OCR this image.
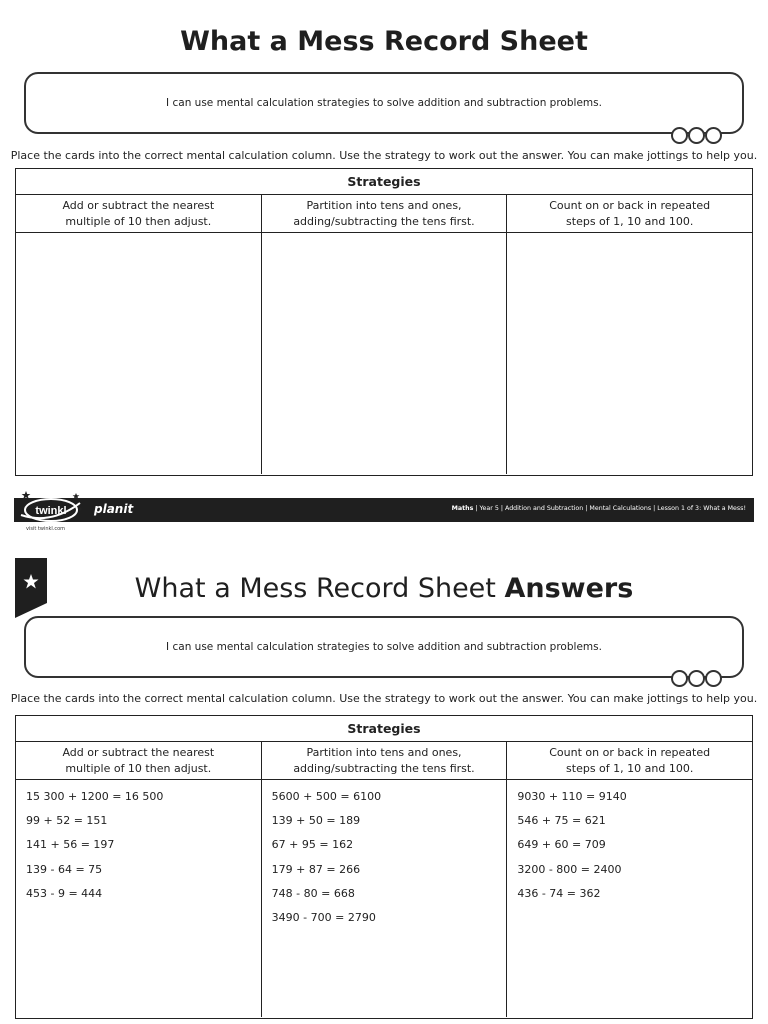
What a Mess Record Sheet
I can use mental calculation strategies to solve addition and subtraction problems.
Place the cards into the correct mental calculation column. Use the strategy to work out the answer. You can make jottings to help you.
Strategies
Add or subtract the nearest multiple of 10 then adjust.
Partition into tens and ones, adding/subtracting the tens first.
Count on or back in repeated steps of 1, 10 and 100.
planit	Maths | Year 5 | Addition and Subtraction | Mental Calculations | Lesson 1 of 3: What a Mess!
twinkl
visit twinkl.com
What a Mess Record Sheet Answers
I can use mental calculation strategies to solve addition and subtraction problems.
Place the cards into the correct mental calculation column. Use the strategy to work out the answer. You can make jottings to help you.
Strategies
Add or subtract the nearest multiple of 10 then adjust.
Partition into tens and ones, adding/subtracting the tens first.
Count on or back in repeated steps of 1, 10 and 100.
15 300 + 1200 = 16 500
99 + 52 = 151
141 + 56 = 197
139 - 64 = 75
453 - 9 = 444
5600 + 500 = 6100
139 + 50 = 189
67 + 95 = 162
179 + 87 = 266
748 - 80 = 668
3490 - 700 = 2790
9030 + 110 = 9140
546 + 75 = 621
649 + 60 = 709
3200 - 800 = 2400
436 - 74 = 362
